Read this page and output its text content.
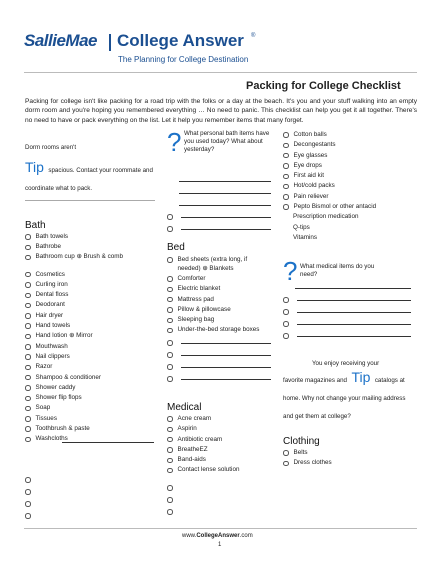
SallieMae College Answer ®
The Planning for College Destination
Packing for College Checklist
Packing for college isn't like packing for a road trip with the folks or a day at the beach. It's you and your stuff walking into an empty dorm room and you're hoping you remembered everything … No need to panic. This checklist can help you get it all together. There's no need to have or pack everything on the list. Let it help you remember items that many forget.
Dorm rooms aren't
Tip spacious. Contact your roommate and coordinate what to pack.
Bath
Bath towels
Bathrobe
Bathroom cup ⊕ Brush & comb
Cosmetics
Curling iron
Dental floss
Deodorant
Hair dryer
Hand towels
Hand lotion ⊕ Mirror
Mouthwash
Nail clippers
Razor
Shampoo & conditioner
Shower caddy
Shower flip flops
Soap
Tissues
Toothbrush & paste
Washcloths
? What personal bath items have you used today? What about yesterday?
Bed
Bed sheets (extra long, if needed) ⊕ Blankets
Comforter
Electric blanket
Mattress pad
Pillow & pillowcase
Sleeping bag
Under-the-bed storage boxes
Medical
Acne cream
Aspirin
Antibiotic cream
BreatheEZ
Band-aids
Contact lense solution
Cotton balls
Decongestants
Eye glasses
Eye drops
First aid kit
Hot/cold packs
Pain reliever
Pepto Bismol or other antacid
Prescription medication
Q-tips
Vitamins
? What medical items do you need?
You enjoy receiving your
favorite magazines and Tip catalogs at home. Why not change your mailing address and get them at college?
Clothing
Belts
Dress clothes
www.CollegeAnswer.com
1
